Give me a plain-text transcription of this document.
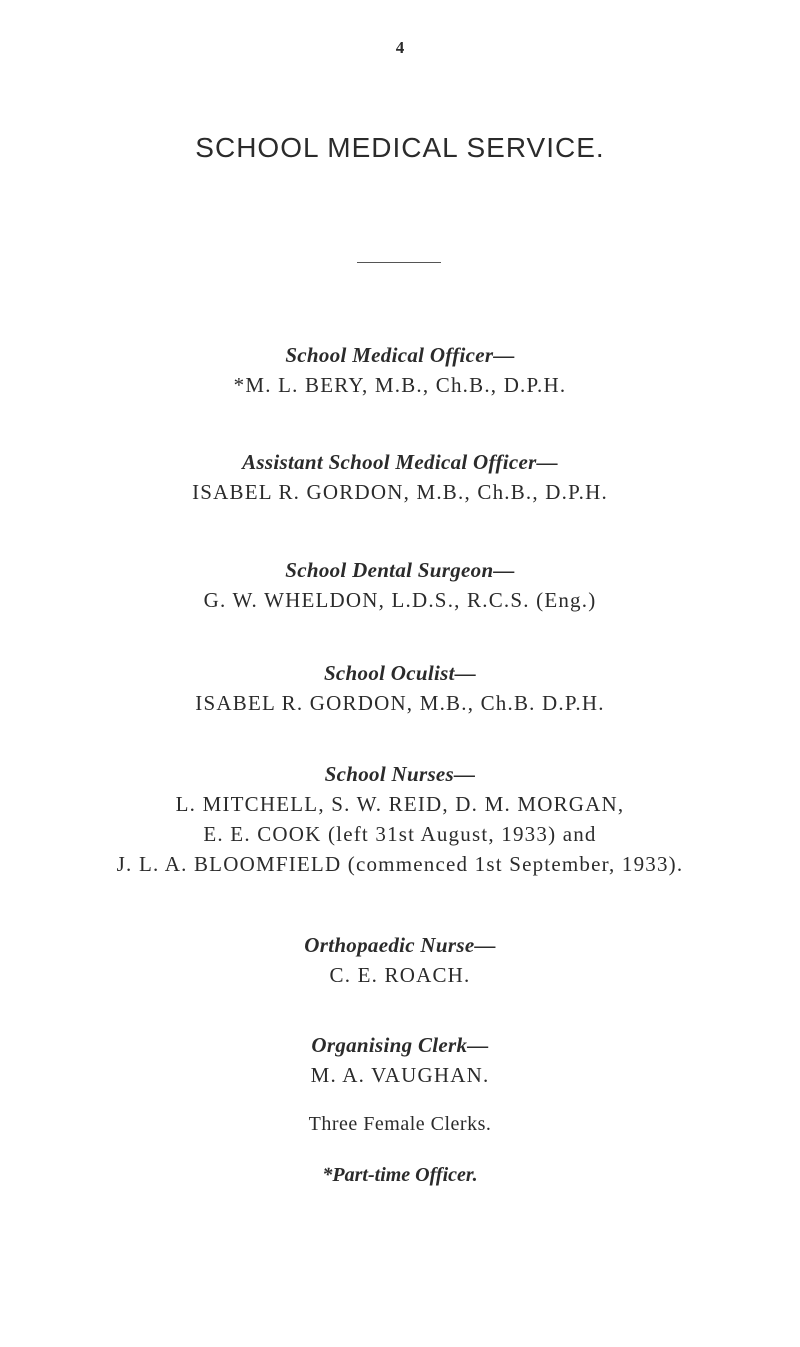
4
SCHOOL MEDICAL SERVICE.
School Medical Officer—
*M. L. BERY, M.B., Ch.B., D.P.H.
Assistant School Medical Officer—
ISABEL R. GORDON, M.B., Ch.B., D.P.H.
School Dental Surgeon—
G. W. WHELDON, L.D.S., R.C.S. (Eng.)
School Oculist—
ISABEL R. GORDON, M.B., Ch.B. D.P.H.
School Nurses—
L. MITCHELL, S. W. REID, D. M. MORGAN,
E. E. COOK (left 31st August, 1933) and
J. L. A. BLOOMFIELD (commenced 1st September, 1933).
Orthopaedic Nurse—
C. E. ROACH.
Organising Clerk—
M. A. VAUGHAN.
Three Female Clerks.
*Part-time Officer.
